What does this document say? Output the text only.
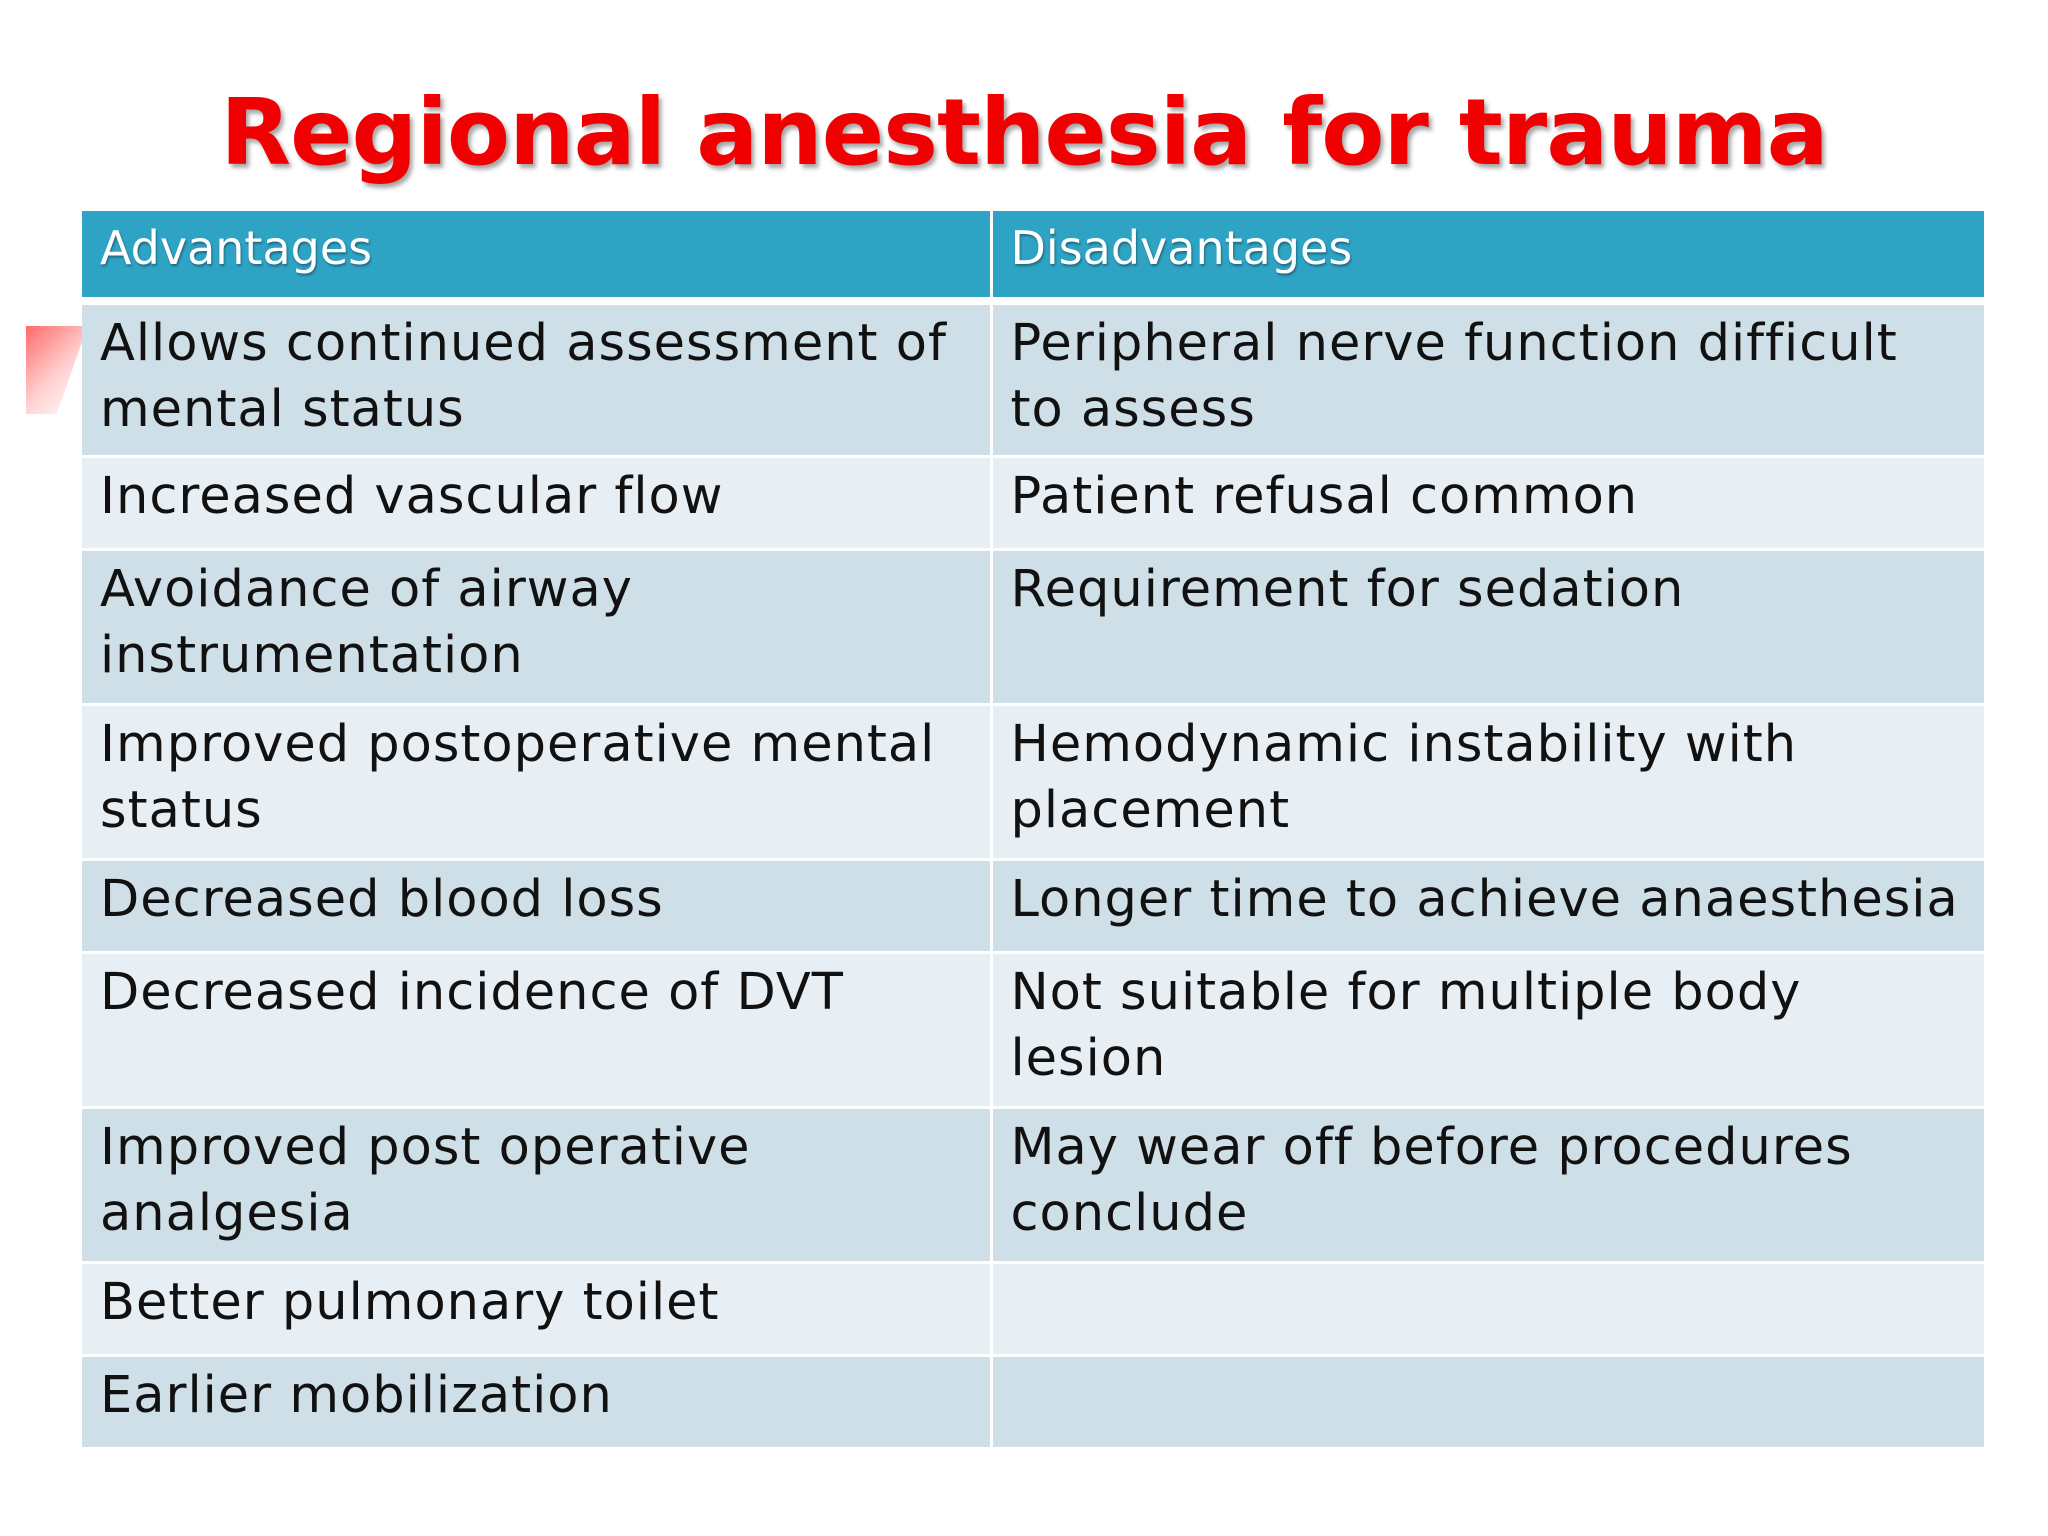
Regional anesthesia for trauma
Advantages	Disadvantages
Allows continued assessment of mental status	Peripheral nerve function difficult to assess
Increased vascular flow	Patient refusal common
Avoidance of airway instrumentation	Requirement for sedation
Improved postoperative mental status	Hemodynamic instability with placement
Decreased blood loss	Longer time to achieve anaesthesia
Decreased incidence of DVT	Not suitable for multiple body lesion
Improved post operative analgesia	May wear off before procedures conclude
Better pulmonary toilet	
Earlier mobilization	
